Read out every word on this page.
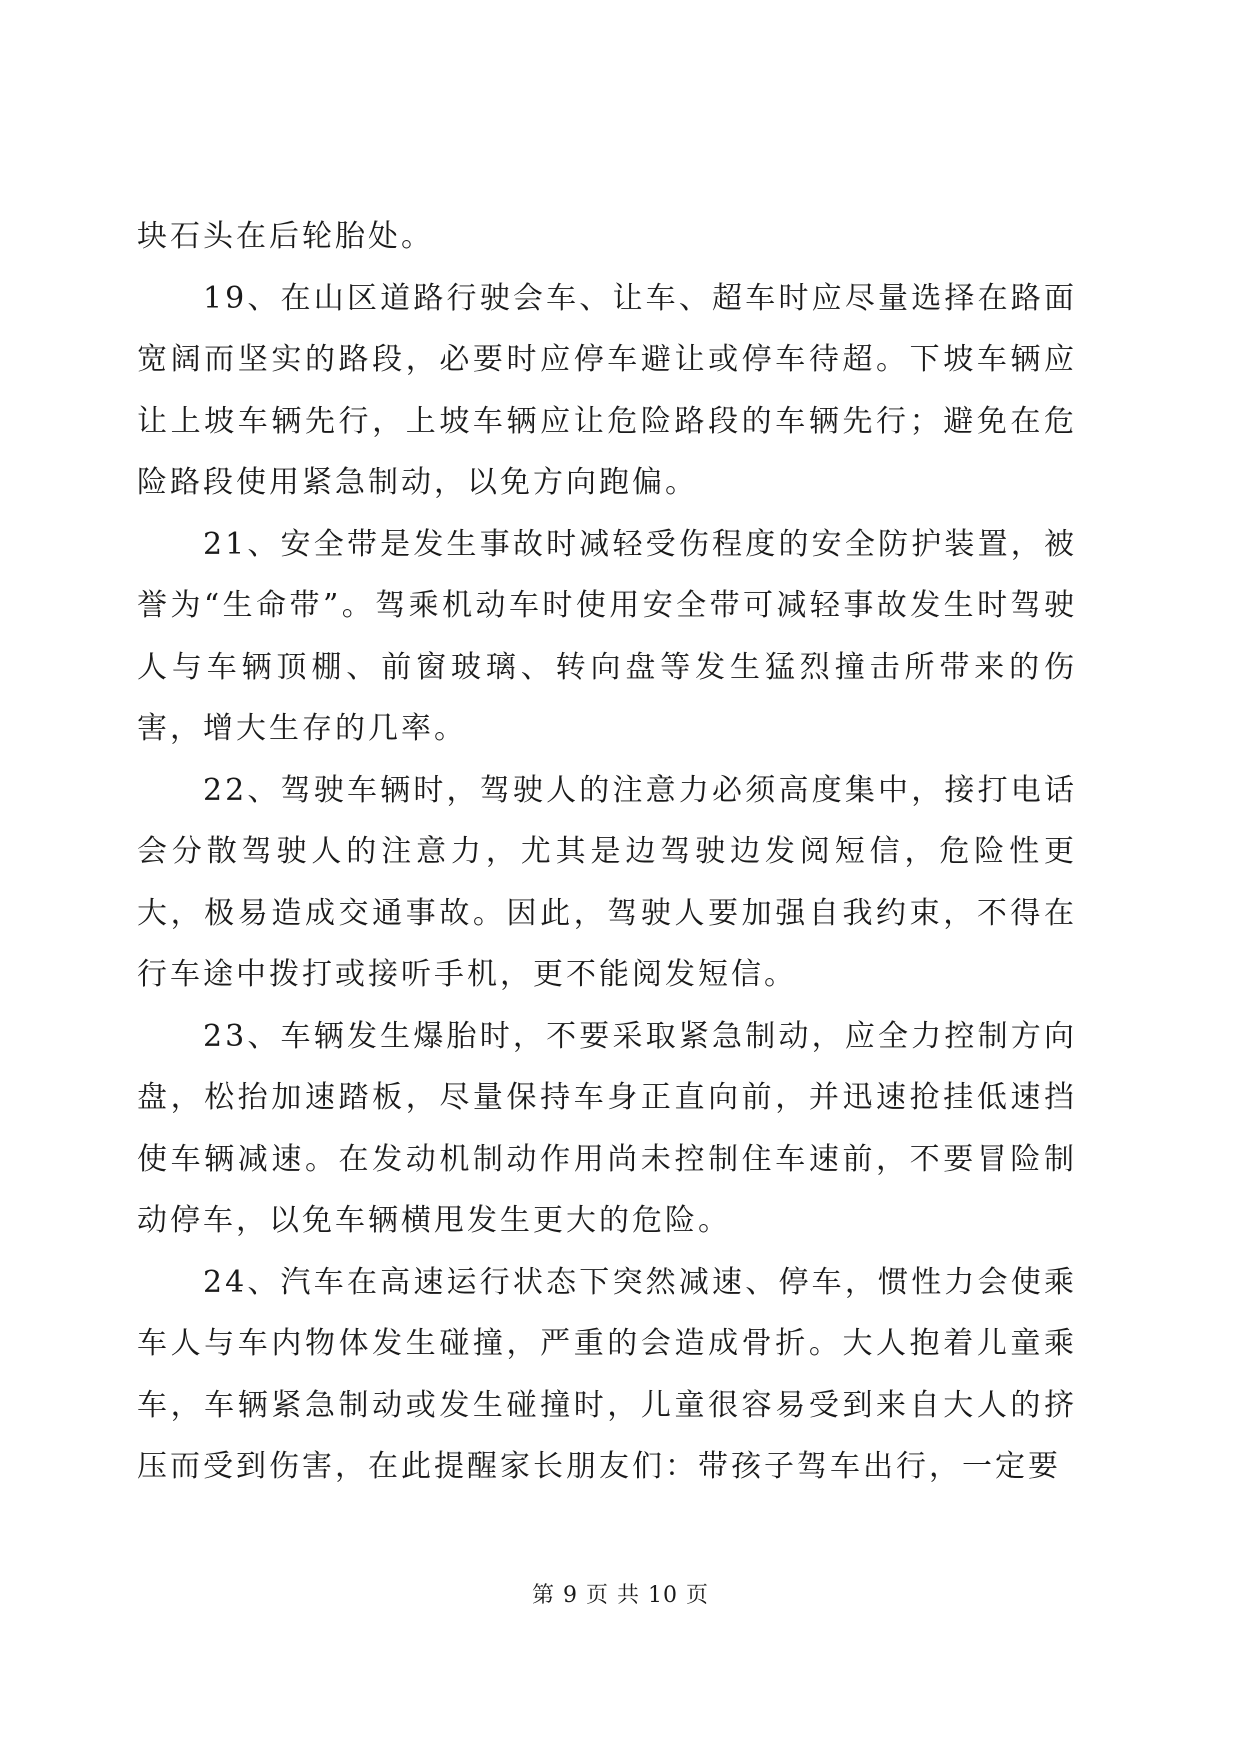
块石头在后轮胎处。

19、在山区道路行驶会车、让车、超车时应尽量选择在路面宽阔而坚实的路段，必要时应停车避让或停车待超。下坡车辆应让上坡车辆先行，上坡车辆应让危险路段的车辆先行；避免在危险路段使用紧急制动，以免方向跑偏。

21、安全带是发生事故时减轻受伤程度的安全防护装置，被誉为“生命带”。驾乘机动车时使用安全带可减轻事故发生时驾驶人与车辆顶棚、前窗玻璃、转向盘等发生猛烈撞击所带来的伤害，增大生存的几率。

22、驾驶车辆时，驾驶人的注意力必须高度集中，接打电话会分散驾驶人的注意力，尤其是边驾驶边发阅短信，危险性更大，极易造成交通事故。因此，驾驶人要加强自我约束，不得在行车途中拨打或接听手机，更不能阅发短信。

23、车辆发生爆胎时，不要采取紧急制动，应全力控制方向盘，松抬加速踏板，尽量保持车身正直向前，并迅速抢挂低速挡使车辆减速。在发动机制动作用尚未控制住车速前，不要冒险制动停车，以免车辆横甩发生更大的危险。

24、汽车在高速运行状态下突然减速、停车，惯性力会使乘车人与车内物体发生碰撞，严重的会造成骨折。大人抱着儿童乘车，车辆紧急制动或发生碰撞时，儿童很容易受到来自大人的挤压而受到伤害，在此提醒家长朋友们：带孩子驾车出行，一定要

第 9 页 共 10 页
